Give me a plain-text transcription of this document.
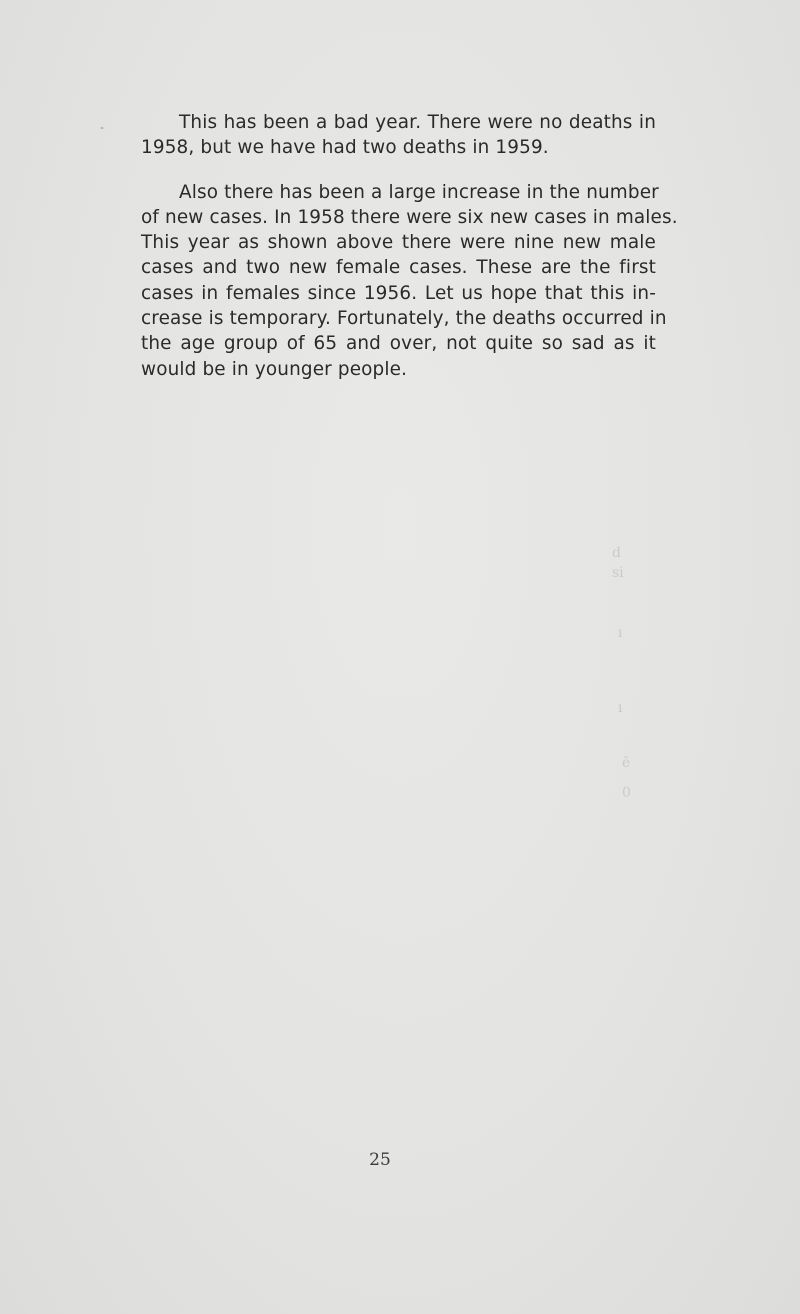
˷
d
si
ı
ı
ē
0

This has been a bad year. There were no deaths in
1958, but we have had two deaths in 1959.

Also there has been a large increase in the number
of new cases. In 1958 there were six new cases in males.
This year as shown above there were nine new male
cases and two new female cases. These are the first
cases in females since 1956. Let us hope that this in-
crease is temporary. Fortunately, the deaths occurred in
the age group of 65 and over, not quite so sad as it
would be in younger people.

25
